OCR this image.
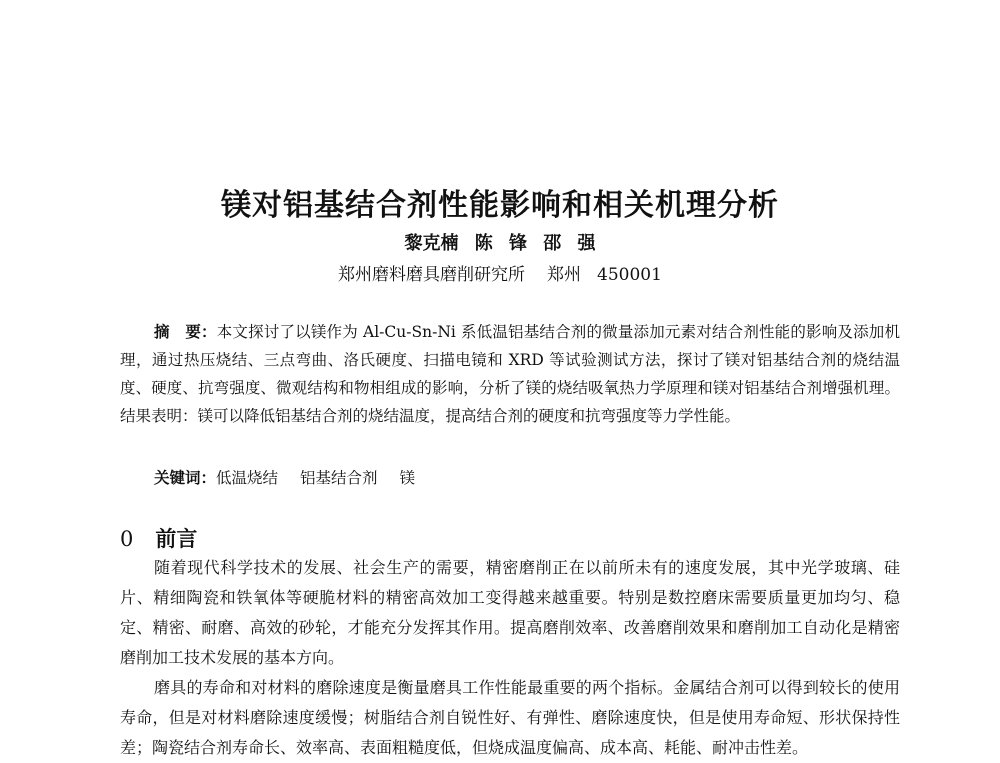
镁对铝基结合剂性能影响和相关机理分析
黎克楠 陈 锋 邵 强
郑州磨料磨具磨削研究所 郑州 450001
摘　要：本文探讨了以镁作为 Al-Cu-Sn-Ni 系低温铝基结合剂的微量添加元素对结合剂性能的影响及添加机理，通过热压烧结、三点弯曲、洛氏硬度、扫描电镜和 XRD 等试验测试方法，探讨了镁对铝基结合剂的烧结温度、硬度、抗弯强度、微观结构和物相组成的影响，分析了镁的烧结吸氧热力学原理和镁对铝基结合剂增强机理。结果表明：镁可以降低铝基结合剂的烧结温度，提高结合剂的硬度和抗弯强度等力学性能。
关键词：低温烧结 铝基结合剂 镁
0 前言

随着现代科学技术的发展、社会生产的需要，精密磨削正在以前所未有的速度发展，其中光学玻璃、硅片、精细陶瓷和铁氧体等硬脆材料的精密高效加工变得越来越重要。特别是数控磨床需要质量更加均匀、稳定、精密、耐磨、高效的砂轮，才能充分发挥其作用。提高磨削效率、改善磨削效果和磨削加工自动化是精密磨削加工技术发展的基本方向。

磨具的寿命和对材料的磨除速度是衡量磨具工作性能最重要的两个指标。金属结合剂可以得到较长的使用寿命，但是对材料磨除速度缓慢；树脂结合剂自锐性好、有弹性、磨除速度快，但是使用寿命短、形状保持性差；陶瓷结合剂寿命长、效率高、表面粗糙度低，但烧成温度偏高、成本高、耗能、耐冲击性差。
